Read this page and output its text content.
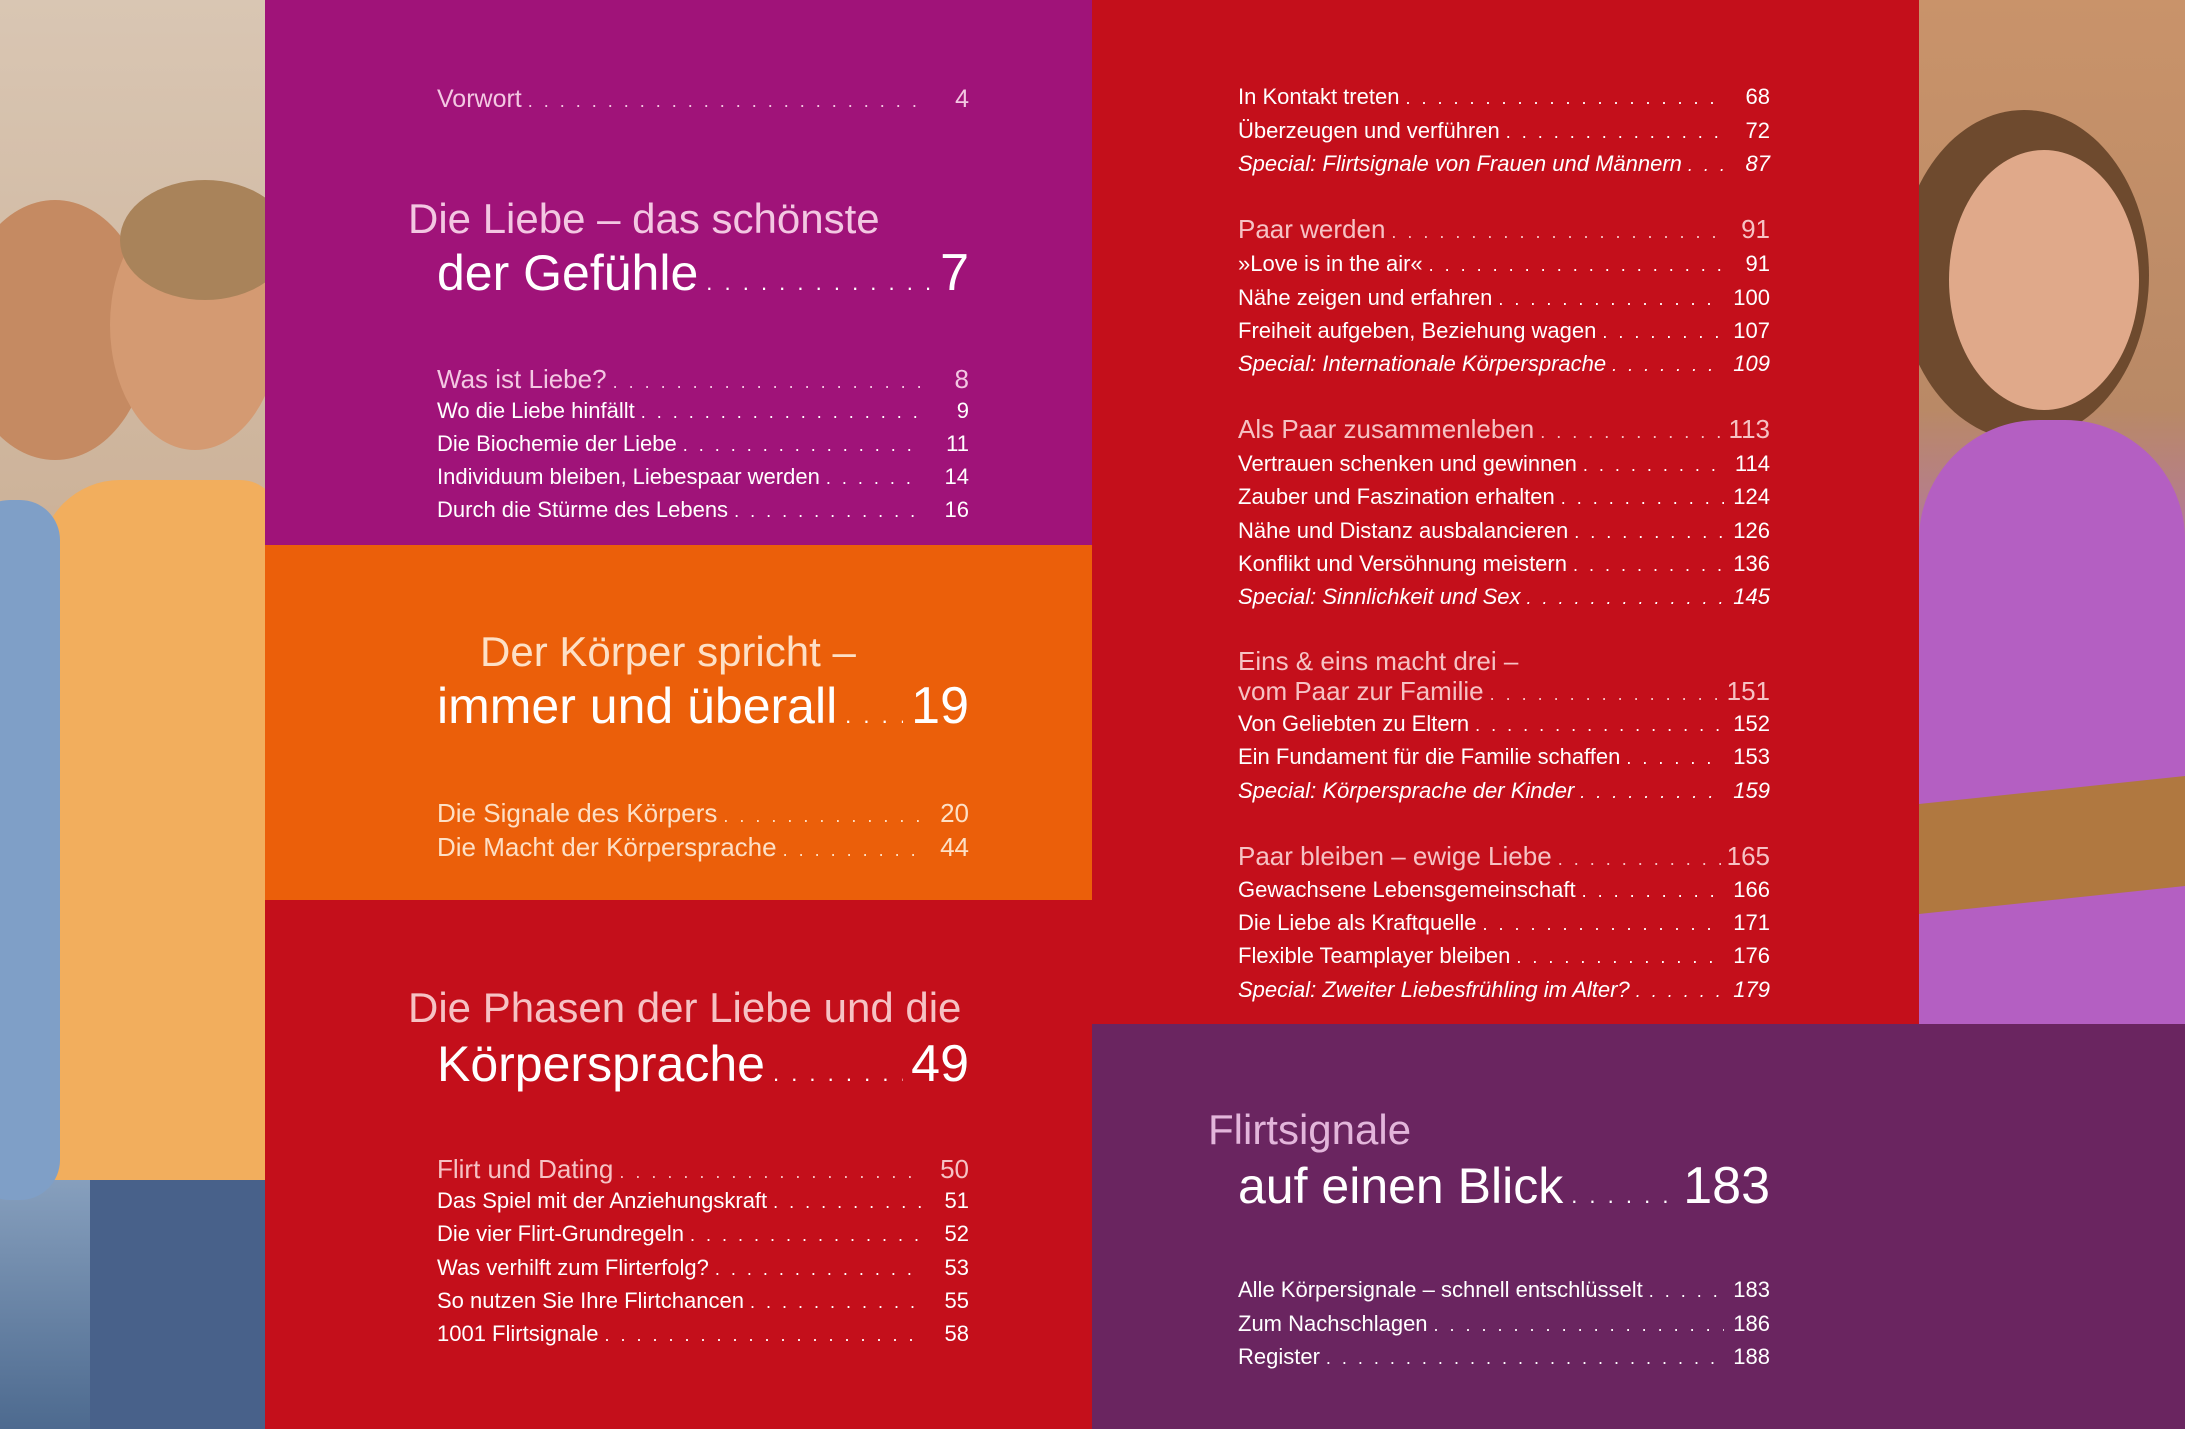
Vorwort . . .	4
Die Liebe – das schönste
der Gefühle . . .	7
Der Körper spricht –
immer und überall . . . 19
Die Phasen der Liebe und die
Körpersprache . . .	49
Flirtsignale
auf einen Blick . . . 183
Was ist Liebe? . . .	8
Wo die Liebe hinfällt . . .	9
Die Biochemie der Liebe . . .	11
Individuum bleiben, Liebespaar werden . . .	14
Durch die Stürme des Lebens . . .	16
Die Signale des Körpers . . .	20
Die Macht der Körpersprache . . .	44
Flirt und Dating . . .	50
Das Spiel mit der Anziehungskraft . . .	51
Die vier Flirt-Grundregeln . . .	52
Was verhilft zum Flirterfolg? . . .	53
So nutzen Sie Ihre Flirtchancen . . .	55
1001 Flirtsignale . . .	58
In Kontakt treten . . .	68
Überzeugen und verführen . . .	72
Special: Flirtsignale von Frauen und Männern . . .	87
Paar werden . . .	91
»Love is in the air« . . .	91
Nähe zeigen und erfahren . . .	100
Freiheit aufgeben, Beziehung wagen . . .	107
Special: Internationale Körpersprache . . .	109
Als Paar zusammenleben . . .	113
Vertrauen schenken und gewinnen . . .	114
Zauber und Faszination erhalten . . .	124
Nähe und Distanz ausbalancieren . . .	126
Konflikt und Versöhnung meistern . . .	136
Special: Sinnlichkeit und Sex . . .	145
Eins & eins macht drei –
vom Paar zur Familie . . .	151
Von Geliebten zu Eltern . . .	152
Ein Fundament für die Familie schaffen . . .	153
Special: Körpersprache der Kinder . . .	159
Paar bleiben – ewige Liebe . . .	165
Gewachsene Lebensgemeinschaft . . .	166
Die Liebe als Kraftquelle . . .	171
Flexible Teamplayer bleiben . . .	176
Special: Zweiter Liebesfrühling im Alter? . . .	179
Alle Körpersignale – schnell entschlüsselt . . .	183
Zum Nachschlagen . . .	186
Register . . .	188
